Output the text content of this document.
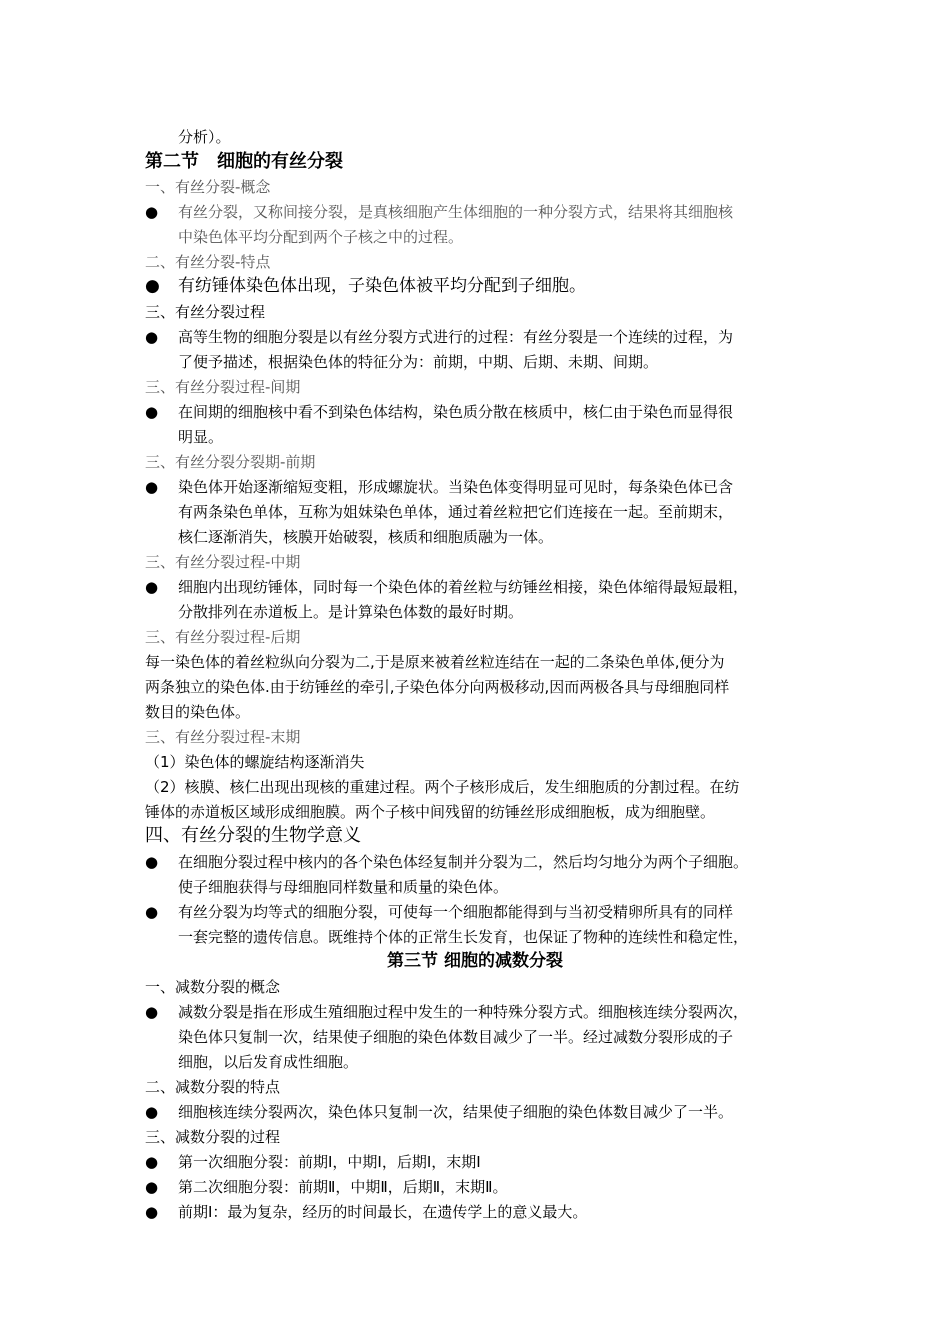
分析）。
第二节　细胞的有丝分裂
一、有丝分裂-概念
● 有丝分裂，又称间接分裂，是真核细胞产生体细胞的一种分裂方式，结果将其细胞核
中染色体平均分配到两个子核之中的过程。
二、有丝分裂-特点
● 有纺锤体染色体出现，子染色体被平均分配到子细胞。
三、有丝分裂过程
● 高等生物的细胞分裂是以有丝分裂方式进行的过程：有丝分裂是一个连续的过程，为
了便予描述，根据染色体的特征分为：前期，中期、后期、未期、间期。
三、有丝分裂过程-间期
● 在间期的细胞核中看不到染色体结构，染色质分散在核质中，核仁由于染色而显得很
明显。
三、有丝分裂分裂期-前期
● 染色体开始逐渐缩短变粗，形成螺旋状。当染色体变得明显可见时，每条染色体已含
有两条染色单体，互称为姐妹染色单体，通过着丝粒把它们连接在一起。至前期末，
核仁逐渐消失，核膜开始破裂，核质和细胞质融为一体。
三、有丝分裂过程-中期
● 细胞内出现纺锤体，同时每一个染色体的着丝粒与纺锤丝相接，染色体缩得最短最粗，
分散排列在赤道板上。是计算染色体数的最好时期。
三、有丝分裂过程-后期
每一染色体的着丝粒纵向分裂为二,于是原来被着丝粒连结在一起的二条染色单体,便分为
两条独立的染色体.由于纺锤丝的牵引,子染色体分向两极移动,因而两极各具与母细胞同样
数目的染色体。
三、有丝分裂过程-末期
（1）染色体的螺旋结构逐渐消失
（2）核膜、核仁出现出现核的重建过程。两个子核形成后，发生细胞质的分割过程。在纺
锤体的赤道板区域形成细胞膜。两个子核中间残留的纺锤丝形成细胞板，成为细胞壁。
四、有丝分裂的生物学意义
● 在细胞分裂过程中核内的各个染色体经复制并分裂为二，然后均匀地分为两个子细胞。
使子细胞获得与母细胞同样数量和质量的染色体。
● 有丝分裂为均等式的细胞分裂，可使每一个细胞都能得到与当初受精卵所具有的同样
一套完整的遗传信息。既维持个体的正常生长发育，也保证了物种的连续性和稳定性，
第三节 细胞的减数分裂
一、减数分裂的概念
● 减数分裂是指在形成生殖细胞过程中发生的一种特殊分裂方式。细胞核连续分裂两次，
染色体只复制一次，结果使子细胞的染色体数目减少了一半。经过减数分裂形成的子
细胞，以后发育成性细胞。
二、减数分裂的特点
● 细胞核连续分裂两次，染色体只复制一次，结果使子细胞的染色体数目减少了一半。
三、减数分裂的过程
● 第一次细胞分裂：前期Ⅰ，中期Ⅰ，后期Ⅰ，末期Ⅰ
● 第二次细胞分裂：前期Ⅱ，中期Ⅱ，后期Ⅱ，末期Ⅱ。
● 前期Ⅰ：最为复杂，经历的时间最长，在遗传学上的意义最大。
